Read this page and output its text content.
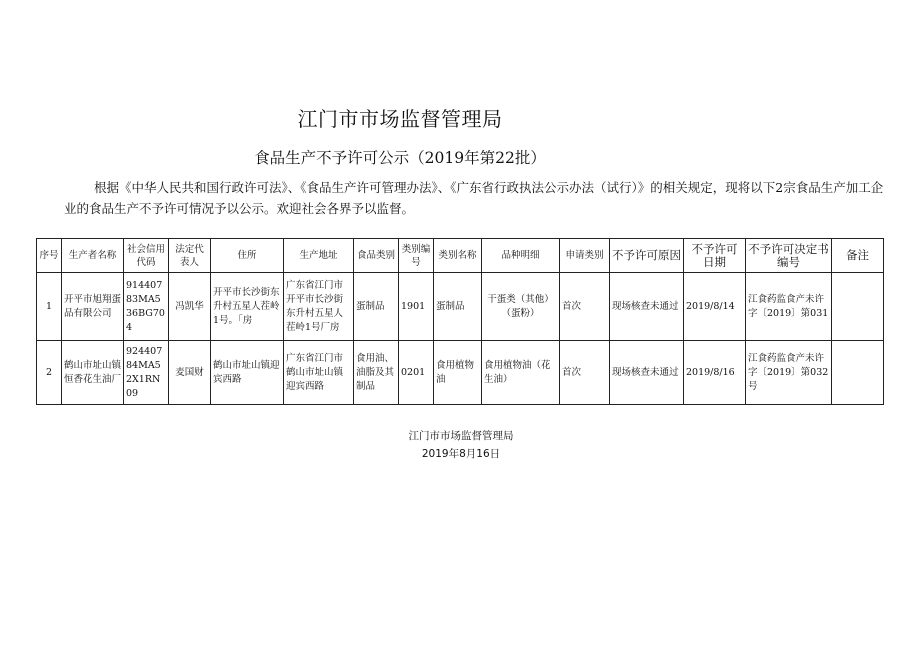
江门市市场监督管理局
食品生产不予许可公示（2019年第22批）
根据《中华人民共和国行政许可法》、《食品生产许可管理办法》、《广东省行政执法公示办法（试行）》的相关规定，现将以下2宗食品生产加工企业的食品生产不予许可情况予以公示。欢迎社会各界予以监督。
序号	生产者名称	社会信用代码	法定代表人	住所	生产地址	食品类别	类别编号	类别名称	品种明细	申请类别	不予许可原因	不予许可日期	不予许可决定书编号	备注
1	开平市旭翔蛋品有限公司	91440783MA536BG704	冯凯华	开平市长沙街东升村五星人茬岭1号。「房	广东省江门市开平市长沙街东升村五星人茬岭1号厂房	蛋制品	1901	蛋制品	干蛋类（其他）（蛋粉）	首次	现场核查未通过	2019/8/14	江食药监食产未许字〔2019〕第031	
2	鹤山市址山镇恒香花生油厂	92440784MA52X1RN09	麦国财	鹤山市址山镇迎宾西路	广东省江门市鹤山市址山镇迎宾西路	食用油、油脂及其制品	0201	食用植物油	食用植物油（花生油）	首次	现场核查未通过	2019/8/16	江食药监食产未许字〔2019〕第032号	
江门市市场监督管理局
2019年8月16日
